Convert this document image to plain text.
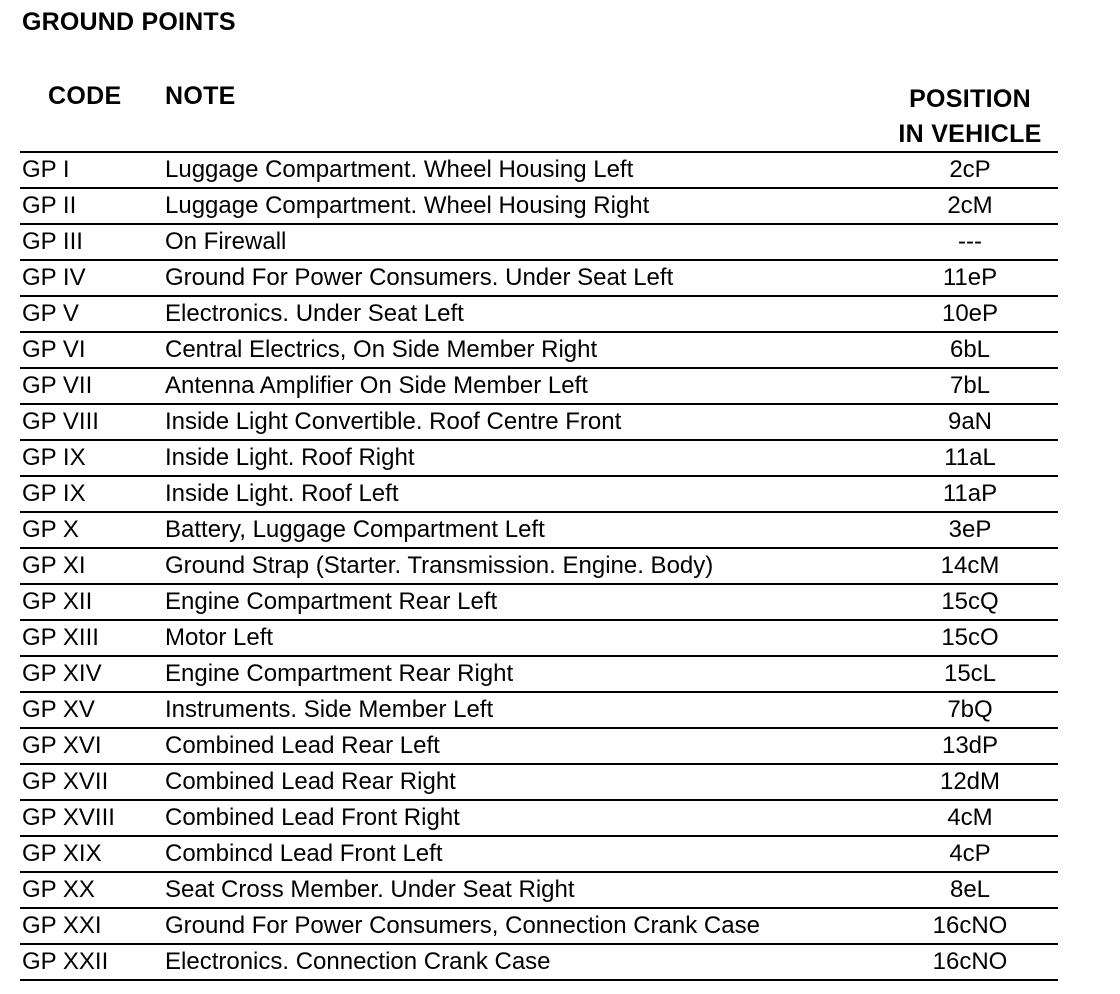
GROUND POINTS
CODE NOTE	POSITION
IN VEHICLE
GP I	Luggage Compartment. Wheel Housing Left	2cP
GP II	Luggage Compartment. Wheel Housing Right	2cM
GP III	On Firewall	---
GP IV	Ground For Power Consumers. Under Seat Left	11eP
GP V	Electronics. Under Seat Left	10eP
GP VI	Central Electrics, On Side Member Right	6bL
GP VII	Antenna Amplifier On Side Member Left	7bL
GP VIII	Inside Light Convertible. Roof Centre Front	9aN
GP IX	Inside Light. Roof Right	11aL
GP IX	Inside Light. Roof Left	11aP
GP X	Battery, Luggage Compartment Left	3eP
GP XI	Ground Strap (Starter. Transmission. Engine. Body)	14cM
GP XII	Engine Compartment Rear Left	15cQ
GP XIII	Motor Left	15cO
GP XIV	Engine Compartment Rear Right	15cL
GP XV	Instruments. Side Member Left	7bQ
GP XVI	Combined Lead Rear Left	13dP
GP XVII Combined Lead Rear Right	12dM
GP XVIII Combined Lead Front Right	4cM
GP XIX	Combincd Lead Front Left	4cP
GP XX	Seat Cross Member. Under Seat Right	8eL
GP XXI	Ground For Power Consumers, Connection Crank Case	16cNO
GP XXII Electronics. Connection Crank Case	16cNO
